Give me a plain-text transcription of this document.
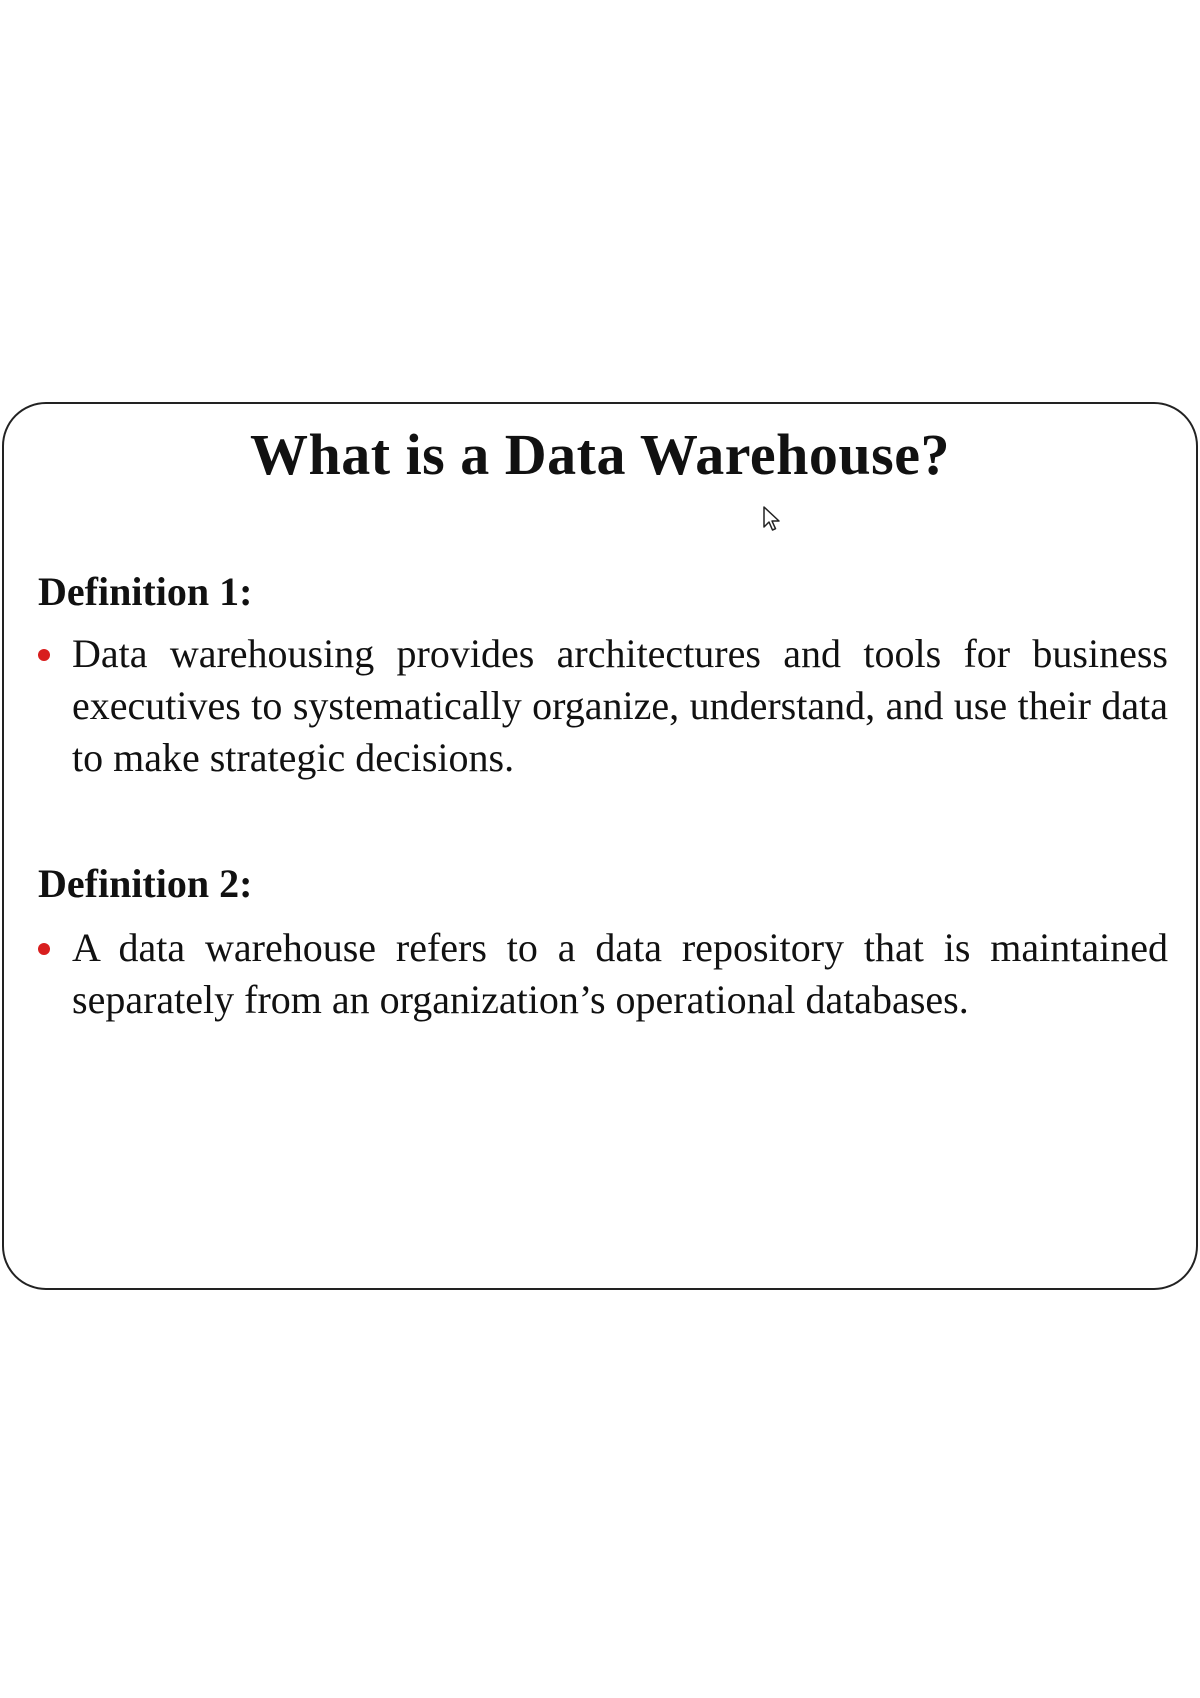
What is a Data Warehouse?
Definition 1:
Data warehousing provides architectures and tools for business executives to systematically organize, understand, and use their data to make strategic decisions.
Definition 2:
A data warehouse refers to a data repository that is maintained separately from an organization’s operational databases.
